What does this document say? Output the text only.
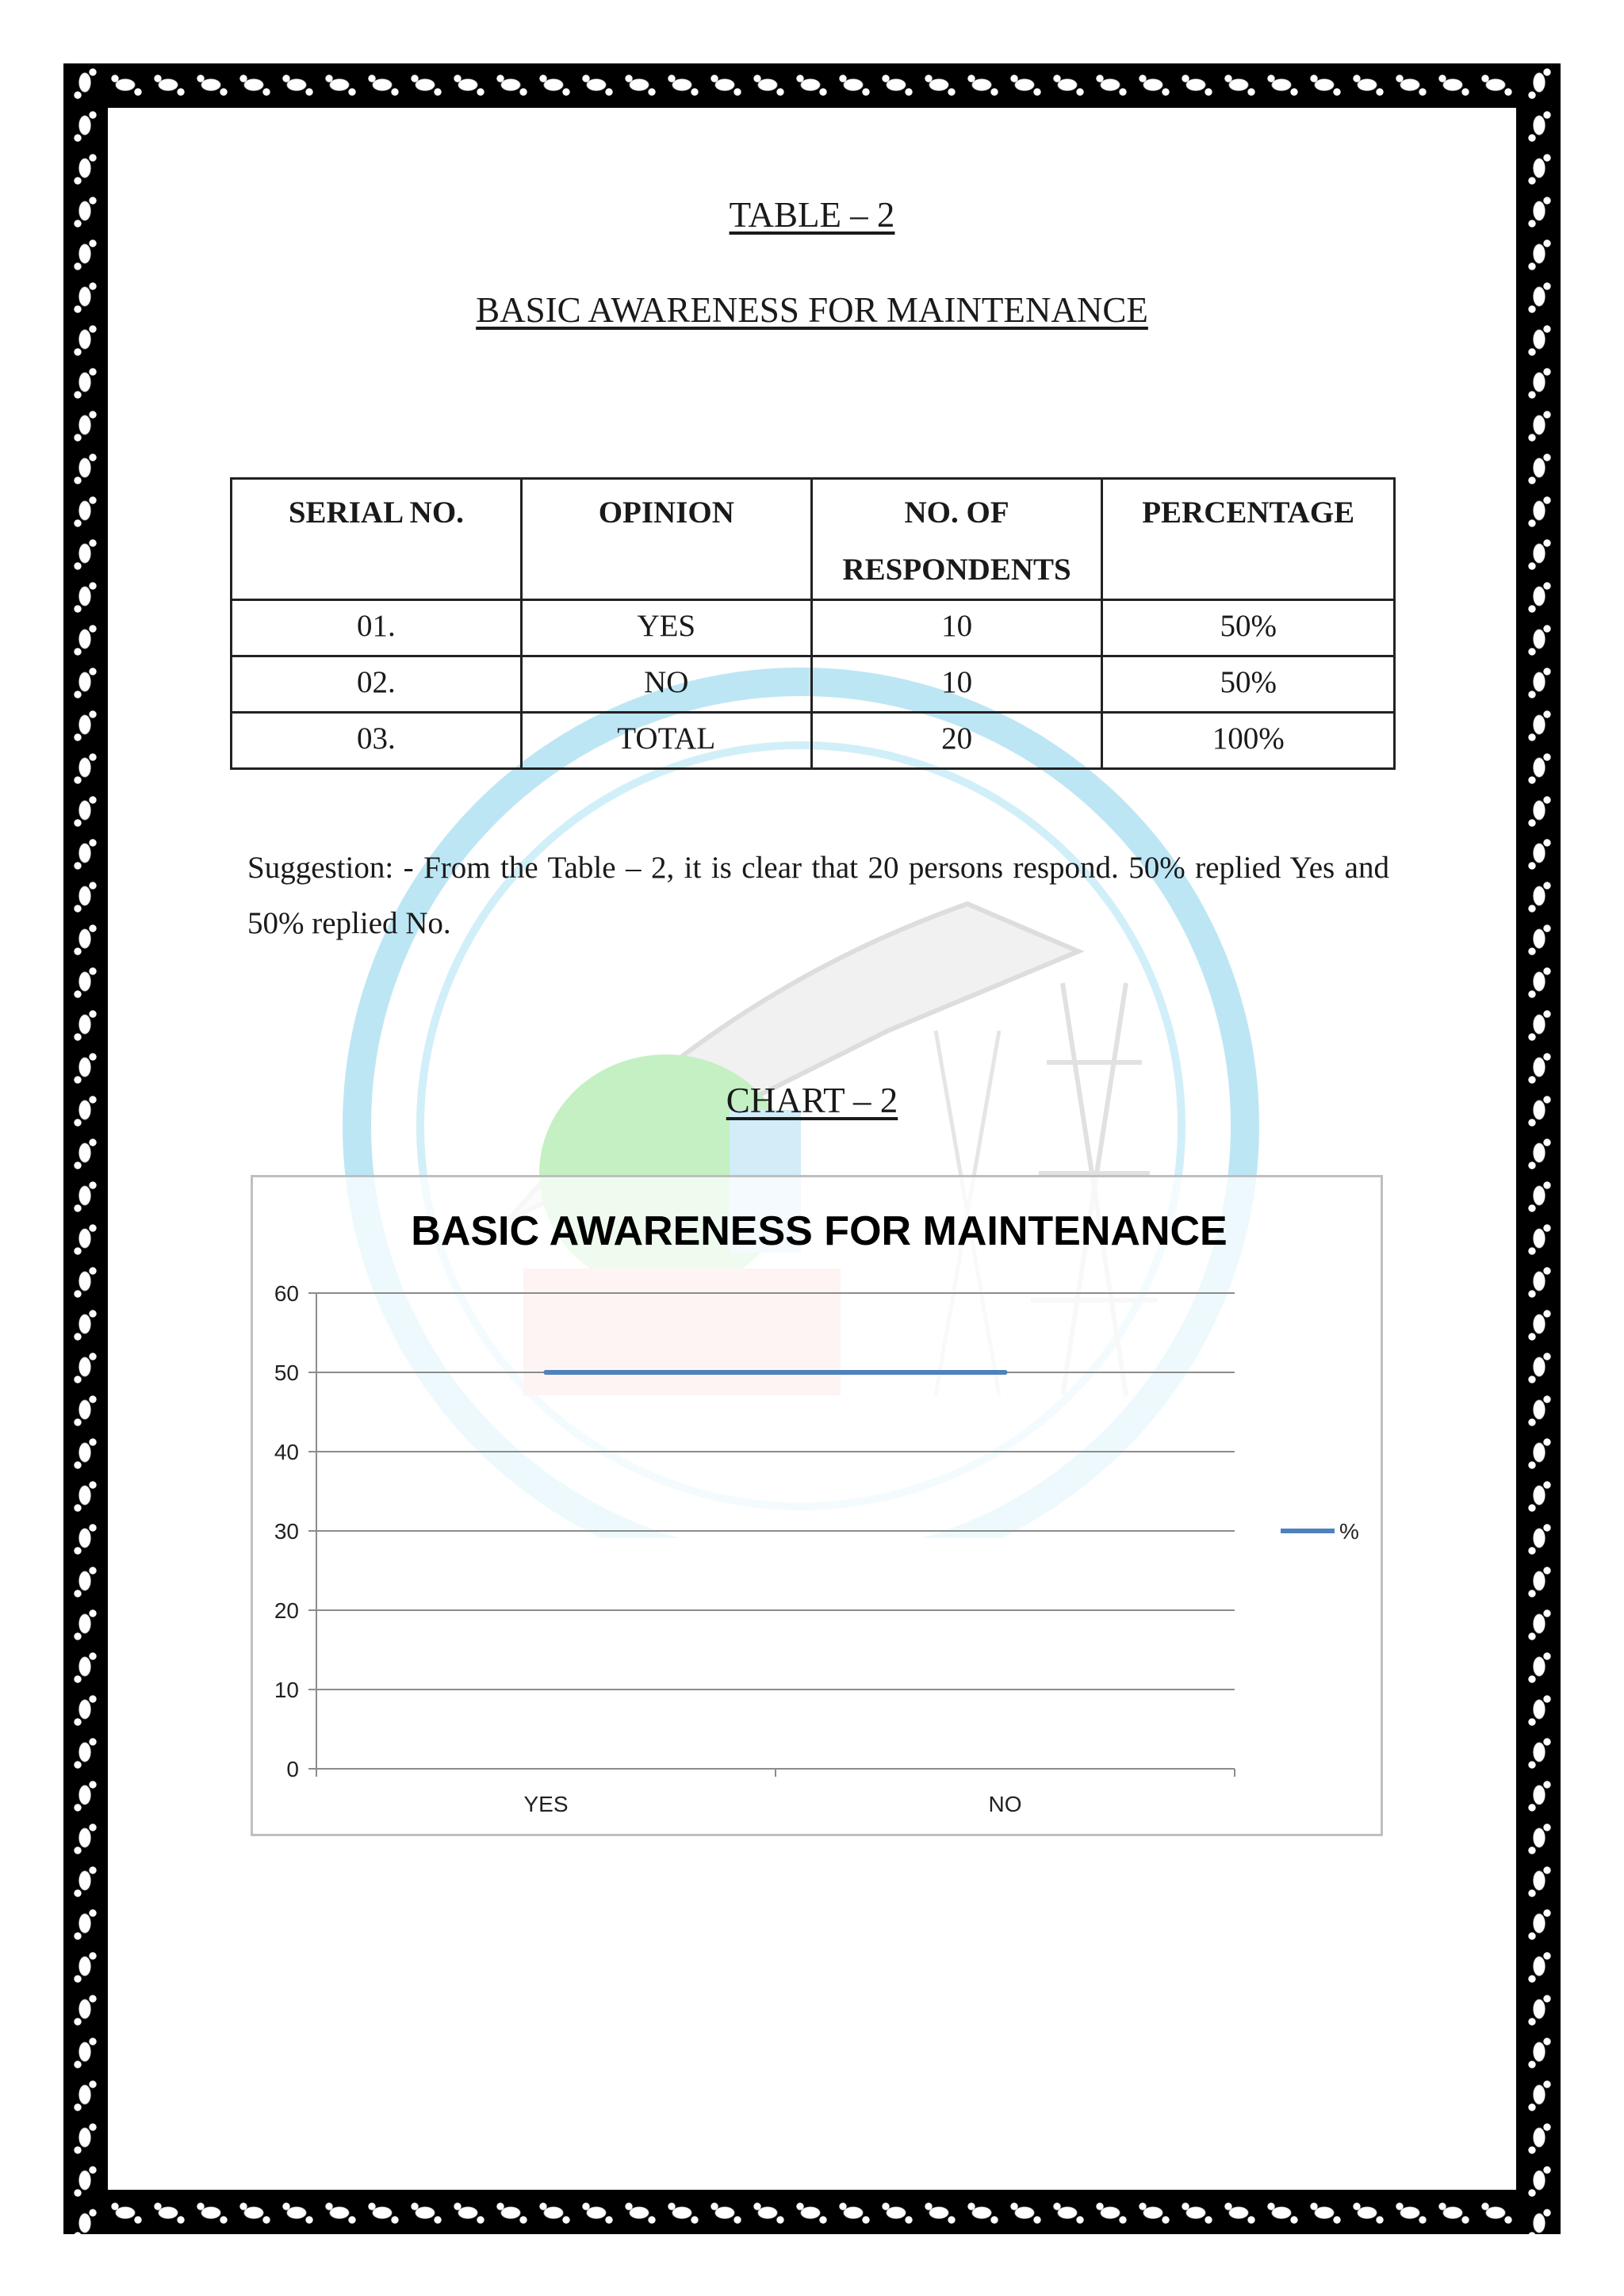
TABLE – 2
BASIC AWARENESS FOR MAINTENANCE
SERIAL NO.	OPINION	NO. OF RESPONDENTS	PERCENTAGE
01.	YES	10	50%
02.	NO	10	50%
03.	TOTAL	20	100%
Suggestion: - From the Table – 2, it is clear that 20 persons respond. 50% replied Yes and 50% replied No.
CHART – 2
BASIC AWARENESS FOR MAINTENANCE
0
10
20
30
40
50
60
YES	NO
%
